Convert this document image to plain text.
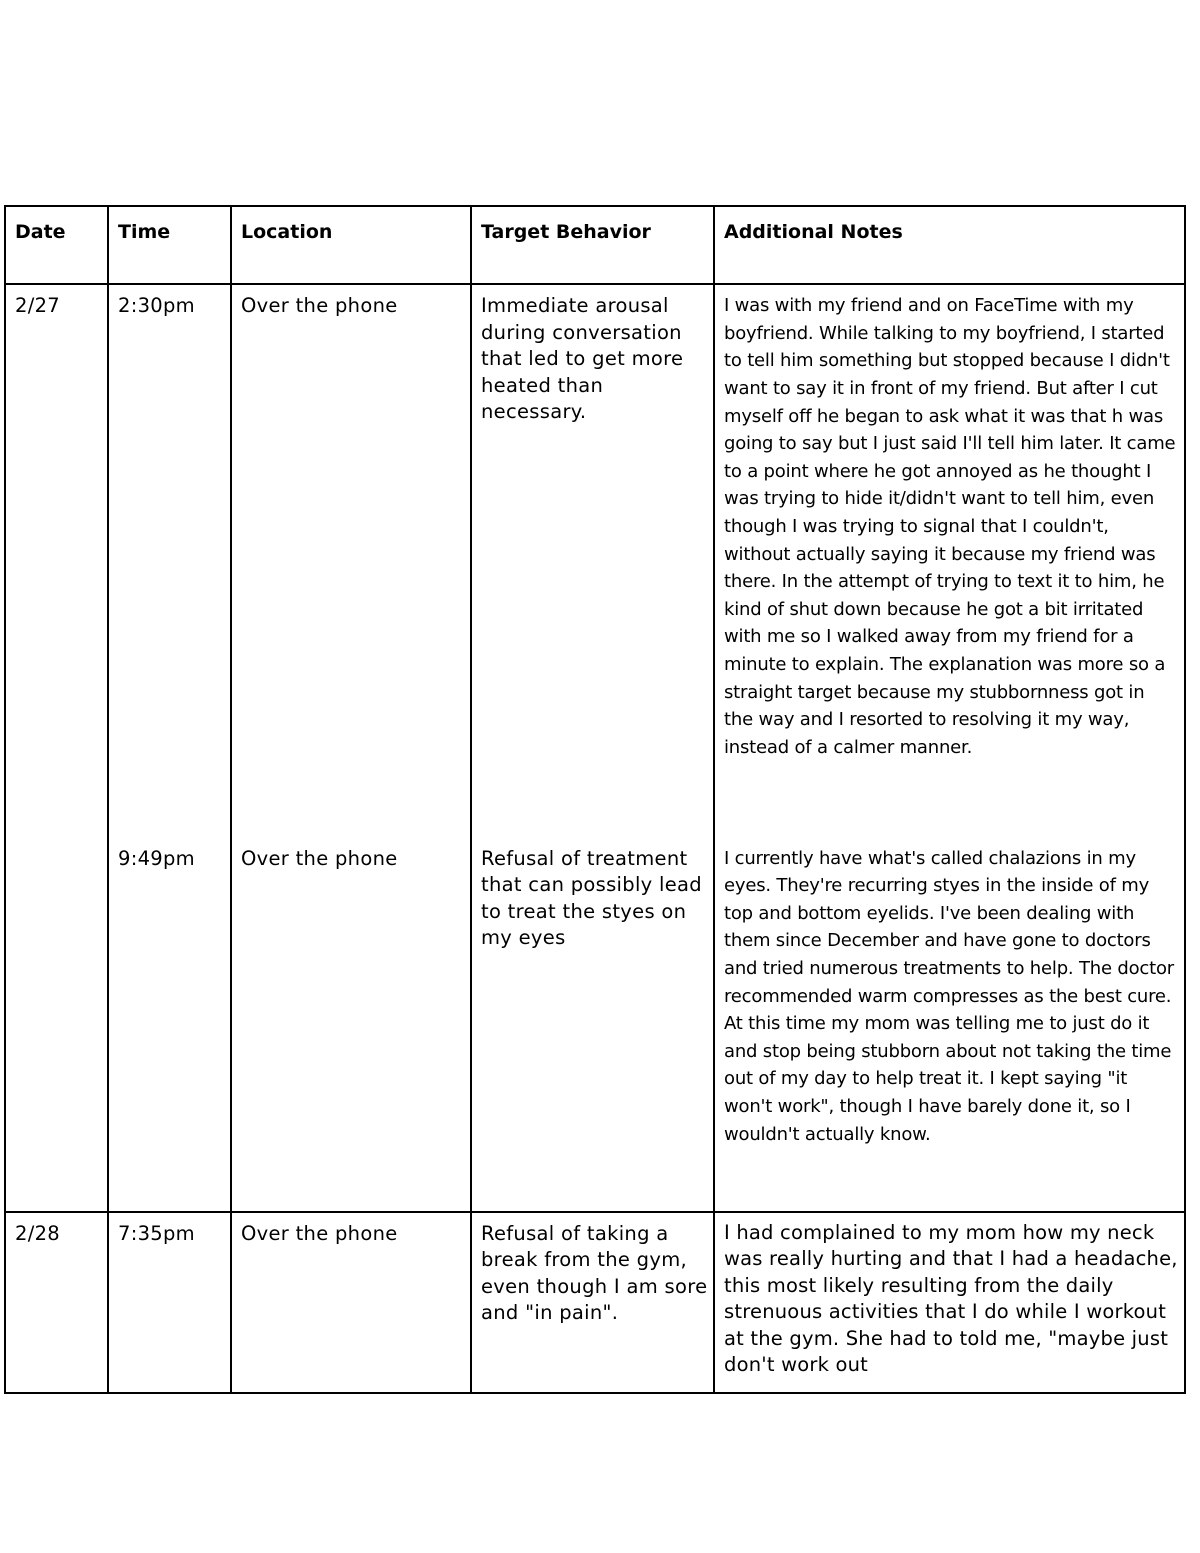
Date	Time	Location	Target Behavior	Additional Notes

2/27	2:30pm	Over the phone	Immediate arousal during conversation that led to get more heated than necessary.	I was with my friend and on FaceTime with my boyfriend. While talking to my boyfriend, I started to tell him something but stopped because I didn't want to say it in front of my friend. But after I cut myself off he began to ask what it was that h was going to say but I just said I'll tell him later. It came to a point where he got annoyed as he thought I was trying to hide it/didn't want to tell him, even though I was trying to signal that I couldn't, without actually saying it because my friend was there. In the attempt of trying to text it to him, he kind of shut down because he got a bit irritated with me so I walked away from my friend for a minute to explain. The explanation was more so a straight target because my stubbornness got in the way and I resorted to resolving it my way, instead of a calmer manner.

	9:49pm	Over the phone	Refusal of treatment that can possibly lead to treat the styes on my eyes	I currently have what's called chalazions in my eyes. They're recurring styes in the inside of my top and bottom eyelids. I've been dealing with them since December and have gone to doctors and tried numerous treatments to help. The doctor recommended warm compresses as the best cure. At this time my mom was telling me to just do it and stop being stubborn about not taking the time out of my day to help treat it. I kept saying "it won't work", though I have barely done it, so I wouldn't actually know.

2/28	7:35pm	Over the phone	Refusal of taking a break from the gym, even though I am sore and "in pain".	I had complained to my mom how my neck was really hurting and that I had a headache, this most likely resulting from the daily strenuous activities that I do while I workout at the gym. She had to told me, "maybe just don't work out
